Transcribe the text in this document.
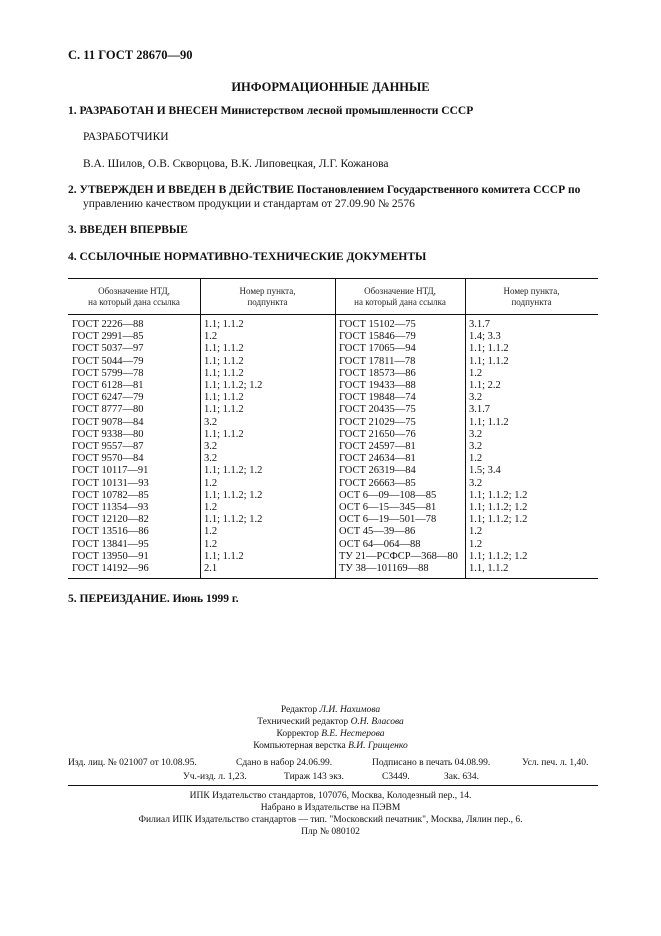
С. 11 ГОСТ 28670—90
ИНФОРМАЦИОННЫЕ ДАННЫЕ
1. РАЗРАБОТАН И ВНЕСЕН Министерством лесной промышленности СССР
РАЗРАБОТЧИКИ
В.А. Шилов, О.В. Скворцова, В.К. Липовецкая, Л.Г. Кожанова
2. УТВЕРЖДЕН И ВВЕДЕН В ДЕЙСТВИЕ Постановлением Государственного комитета СССР по
управлению качеством продукции и стандартам от 27.09.90 № 2576
3. ВВЕДЕН ВПЕРВЫЕ
4. ССЫЛОЧНЫЕ НОРМАТИВНО-ТЕХНИЧЕСКИЕ ДОКУМЕНТЫ
Обозначение НТД,
на который дана ссылка
Номер пункта,
подпункта
Обозначение НТД,
на который дана ссылка
Номер пункта,
подпункта
ГОСТ 2226—88	1.1; 1.1.2	ГОСТ 15102—75	3.1.7
ГОСТ 2991—85	1.2	ГОСТ 15846—79	1.4; 3.3
ГОСТ 5037—97	1.1; 1.1.2	ГОСТ 17065—94	1.1; 1.1.2
ГОСТ 5044—79	1.1; 1.1.2	ГОСТ 17811—78	1.1; 1.1.2
ГОСТ 5799—78	1.1; 1.1.2	ГОСТ 18573—86	1.2
ГОСТ 6128—81	1.1; 1.1.2; 1.2	ГОСТ 19433—88	1.1; 2.2
ГОСТ 6247—79	1.1; 1.1.2	ГОСТ 19848—74	3.2
ГОСТ 8777—80	1.1; 1.1.2	ГОСТ 20435—75	3.1.7
ГОСТ 9078—84	3.2	ГОСТ 21029—75	1.1; 1.1.2
ГОСТ 9338—80	1.1; 1.1.2	ГОСТ 21650—76	3.2
ГОСТ 9557—87	3.2	ГОСТ 24597—81	3.2
ГОСТ 9570—84	3.2	ГОСТ 24634—81	1.2
ГОСТ 10117—91	1.1; 1.1.2; 1.2	ГОСТ 26319—84	1.5; 3.4
ГОСТ 10131—93	1.2	ГОСТ 26663—85	3.2
ГОСТ 10782—85	1.1; 1.1.2; 1.2	ОСТ 6—09—108—85	1.1; 1.1.2; 1.2
ГОСТ 11354—93	1.2	ОСТ 6—15—345—81	1.1; 1.1.2; 1.2
ГОСТ 12120—82	1.1; 1.1.2; 1.2	ОСТ 6—19—501—78	1.1; 1.1.2; 1.2
ГОСТ 13516—86	1.2	ОСТ 45—39—86	1.2
ГОСТ 13841—95	1.2	ОСТ 64—064—88	1.2
ГОСТ 13950—91	1.1; 1.1.2	ТУ 21—РСФСР—368—80 1.1; 1.1.2; 1.2
ГОСТ 14192—96	2.1	ТУ 38—101169—88	1.1, 1.1.2
5. ПЕРЕИЗДАНИЕ. Июнь 1999 г.
Редактор Л.И. Нахимова
Технический редактор О.Н. Власова
Корректор В.Е. Нестерова
Компьютерная верстка В.И. Грищенко
Изд. лиц. № 021007 от 10.08.95.	Сдано в набор 24.06.99.	Подписано в печать 04.08.99.	Усл. печ. л. 1,40.
Уч.-изд. л. 1,23.	Тираж 143 экз.	С3449.	Зак. 634.
ИПК Издательство стандартов, 107076, Москва, Колодезный пер., 14.
Набрано в Издательстве на ПЭВМ
Филиал ИПК Издательство стандартов — тип. "Московский печатник", Москва, Лялин пер., 6.
Плр № 080102
